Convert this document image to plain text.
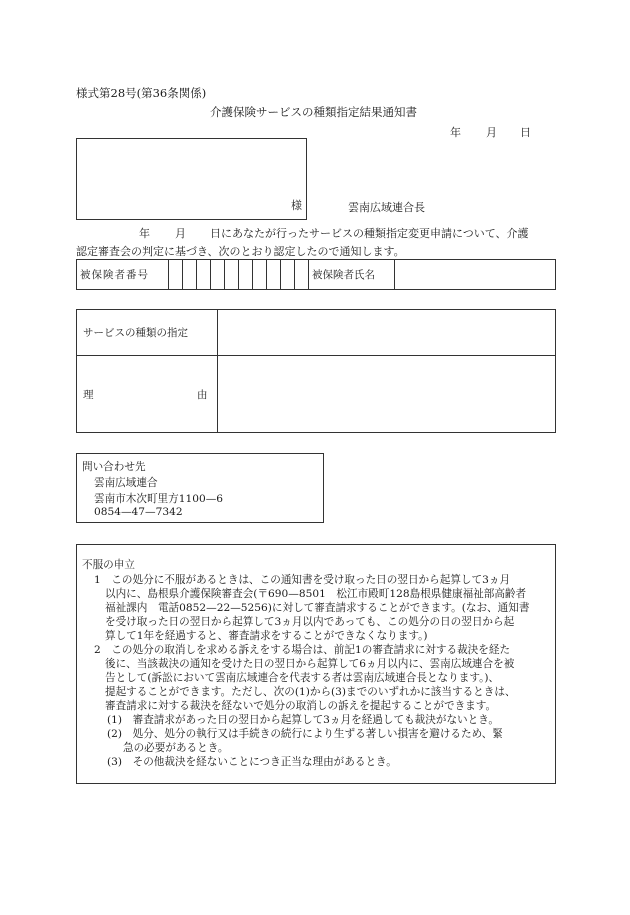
様式第28号(第36条関係)
介護保険サービスの種類指定結果通知書
年 月 日
様	雲南広域連合長
年 月 日にあなたが行ったサービスの種類指定変更申請について、介護
認定審査会の判定に基づき、次のとおり認定したので通知します。
被保険者番号											被保険者氏名	
サービスの種類の指定	

理 由	

問い合わせ先
雲南広域連合
雲南市木次町里方1100—6
0854—47—7342
不服の申立
1　この処分に不服があるときは、この通知書を受け取った日の翌日から起算して3ヵ月
以内に、島根県介護保険審査会(〒690—8501　松江市殿町128島根県健康福祉部高齢者
福祉課内　電話0852—22—5256)に対して審査請求することができます。(なお、通知書
を受け取った日の翌日から起算して3ヵ月以内であっても、この処分の日の翌日から起
算して1年を経過すると、審査請求をすることができなくなります。)
2　この処分の取消しを求める訴えをする場合は、前記1の審査請求に対する裁決を経た
後に、当該裁決の通知を受けた日の翌日から起算して6ヵ月以内に、雲南広域連合を被
告として(訴訟において雲南広域連合を代表する者は雲南広域連合長となります。)、
提起することができます。ただし、次の(1)から(3)までのいずれかに該当するときは、
審査請求に対する裁決を経ないで処分の取消しの訴えを提起することができます。
(1)　審査請求があった日の翌日から起算して3ヵ月を経過しても裁決がないとき。
(2)　処分、処分の執行又は手続きの続行により生ずる著しい損害を避けるため、緊
急の必要があるとき。
(3)　その他裁決を経ないことにつき正当な理由があるとき。
